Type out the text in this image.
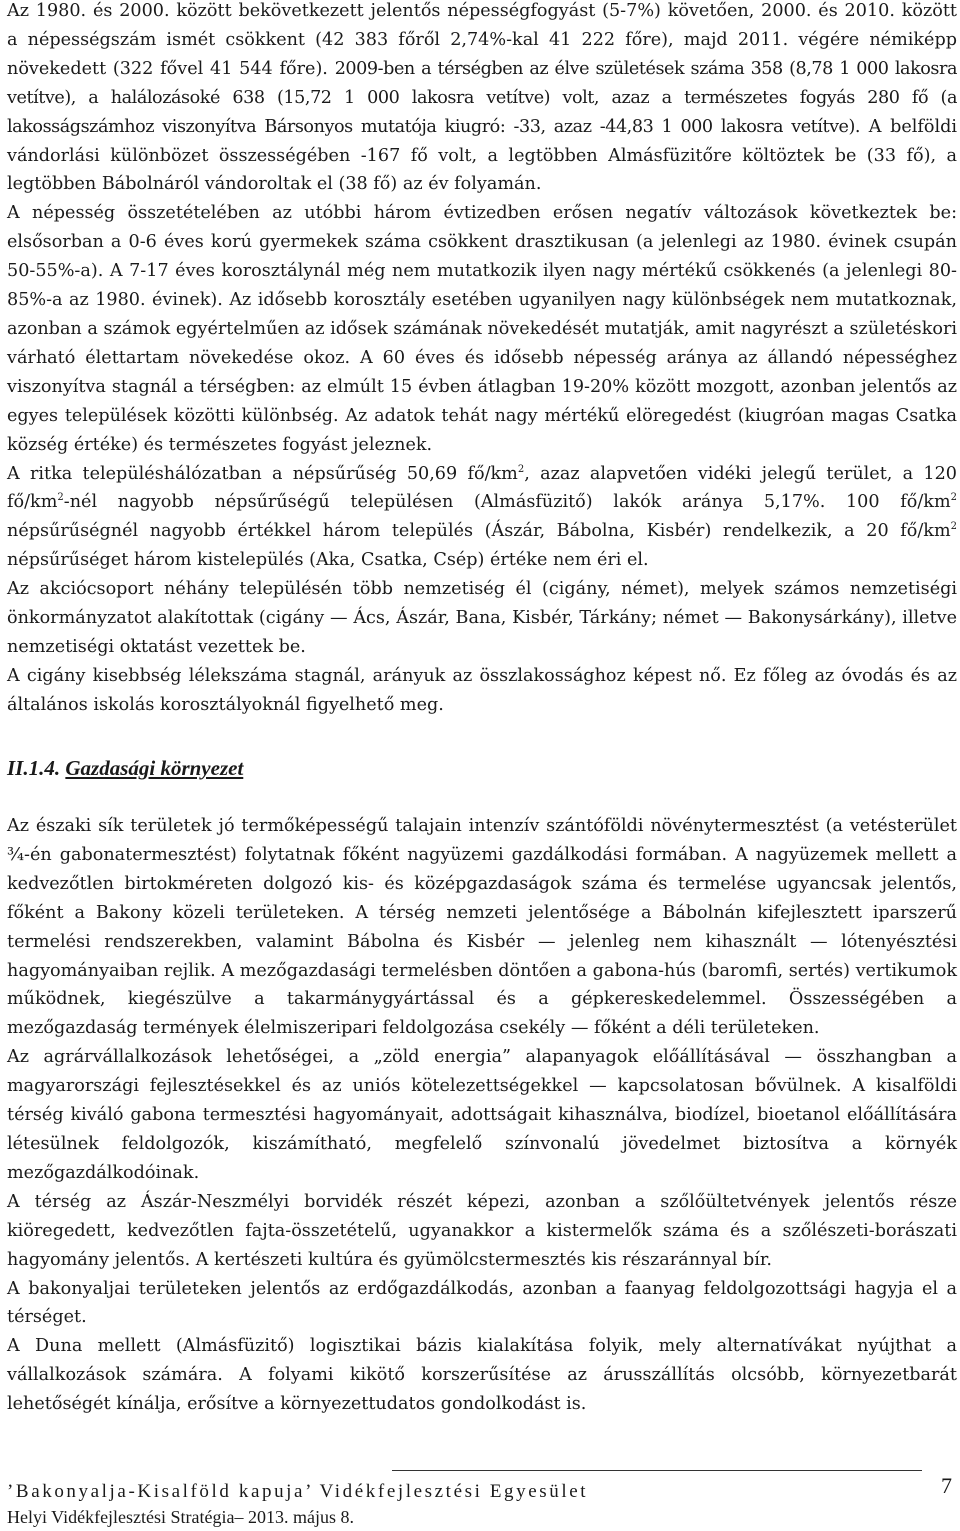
Az 1980. és 2000. között bekövetkezett jelentős népességfogyást (5-7%) követően, 2000. és 2010. között a népességszám ismét csökkent (42 383 főről 2,74%-kal 41 222 főre), majd 2011. végére némiképp növekedett (322 fővel 41 544 főre). 2009-ben a térségben az élve születések száma 358 (8,78 1 000 lakosra vetítve), a halálozásoké 638 (15,72 1 000 lakosra vetítve) volt, azaz a természetes fogyás 280 fő (a lakosságszámhoz viszonyítva Bársonyos mutatója kiugró: -33, azaz -44,83 1 000 lakosra vetítve). A belföldi vándorlási különbözet összességében -167 fő volt, a legtöbben Almásfüzitőre költöztek be (33 fő), a legtöbben Bábolnáról vándoroltak el (38 fő) az év folyamán.

A népesség összetételében az utóbbi három évtizedben erősen negatív változások következtek be: elsősorban a 0-6 éves korú gyermekek száma csökkent drasztikusan (a jelenlegi az 1980. évinek csupán 50-55%-a). A 7-17 éves korosztálynál még nem mutatkozik ilyen nagy mértékű csökkenés (a jelenlegi 80-85%-a az 1980. évinek). Az idősebb korosztály esetében ugyanilyen nagy különbségek nem mutatkoznak, azonban a számok egyértelműen az idősek számának növekedését mutatják, amit nagyrészt a születéskori várható élettartam növekedése okoz. A 60 éves és idősebb népesség aránya az állandó népességhez viszonyítva stagnál a térségben: az elmúlt 15 évben átlagban 19-20% között mozgott, azonban jelentős az egyes települések közötti különbség. Az adatok tehát nagy mértékű elöregedést (kiugróan magas Csatka község értéke) és természetes fogyást jeleznek.

A ritka településhálózatban a népsűrűség 50,69 $fő/km^2$, azaz alapvetően vidéki jelegű terület, a 120 $fő/km^2$-nél nagyobb népsűrűségű településen (Almásfüzitő) lakók aránya 5,17%. 100 $fő/km^2$ népsűrűségnél nagyobb értékkel három település (Ászár, Bábolna, Kisbér) rendelkezik, a 20 $fő/km^2$ népsűrűséget három kistelepülés (Aka, Csatka, Csép) értéke nem éri el.

Az akciócsoport néhány településén több nemzetiség él (cigány, német), melyek számos nemzetiségi önkormányzatot alakítottak (cigány — Ács, Ászár, Bana, Kisbér, Tárkány; német — Bakonysárkány), illetve nemzetiségi oktatást vezettek be.

A cigány kisebbség lélekszáma stagnál, arányuk az összlakossághoz képest nő. Ez főleg az óvodás és az általános iskolás korosztályoknál figyelhető meg.

II.1.4. Gazdasági környezet

Az északi sík területek jó termőképességű talajain intenzív szántóföldi növénytermesztést (a vetésterület ¾-én gabonatermesztést) folytatnak főként nagyüzemi gazdálkodási formában. A nagyüzemek mellett a kedvezőtlen birtokméreten dolgozó kis- és középgazdaságok száma és termelése ugyancsak jelentős, főként a Bakony közeli területeken. A térség nemzeti jelentősége a Bábolnán kifejlesztett iparszerű termelési rendszerekben, valamint Bábolna és Kisbér — jelenleg nem kihasznált — lótenyésztési hagyományaiban rejlik. A mezőgazdasági termelésben döntően a gabona-hús (baromfi, sertés) vertikumok működnek, kiegészülve a takarmánygyártással és a gépkereskedelemmel. Összességében a mezőgazdaság termények élelmiszeripari feldolgozása csekély — főként a déli területeken.

Az agrárvállalkozások lehetőségei, a „zöld energia” alapanyagok előállításával — összhangban a magyarországi fejlesztésekkel és az uniós kötelezettségekkel — kapcsolatosan bővülnek. A kisalföldi térség kiváló gabona termesztési hagyományait, adottságait kihasználva, biodízel, bioetanol előállítására létesülnek feldolgozók, kiszámítható, megfelelő színvonalú jövedelmet biztosítva a környék mezőgazdálkodóinak.

A térség az Ászár-Neszmélyi borvidék részét képezi, azonban a szőlőültetvények jelentős része kiöregedett, kedvezőtlen fajta-összetételű, ugyanakkor a kistermelők száma és a szőlészeti-borászati hagyomány jelentős. A kertészeti kultúra és gyümölcstermesztés kis részaránnyal bír.

A bakonyaljai területeken jelentős az erdőgazdálkodás, azonban a faanyag feldolgozottsági hagyja el a térséget.

A Duna mellett (Almásfüzitő) logisztikai bázis kialakítása folyik, mely alternatívákat nyújthat a vállalkozások számára. A folyami kikötő korszerűsítése az árusszállítás olcsóbb, környezetbarát lehetőségét kínálja, erősítve a környezettudatos gondolkodást is.

’Bakonyalja-Kisalföld kapuja’ Vidékfejlesztési Egyesület	7

Helyi Vidékfejlesztési Stratégia– 2013. május 8.
